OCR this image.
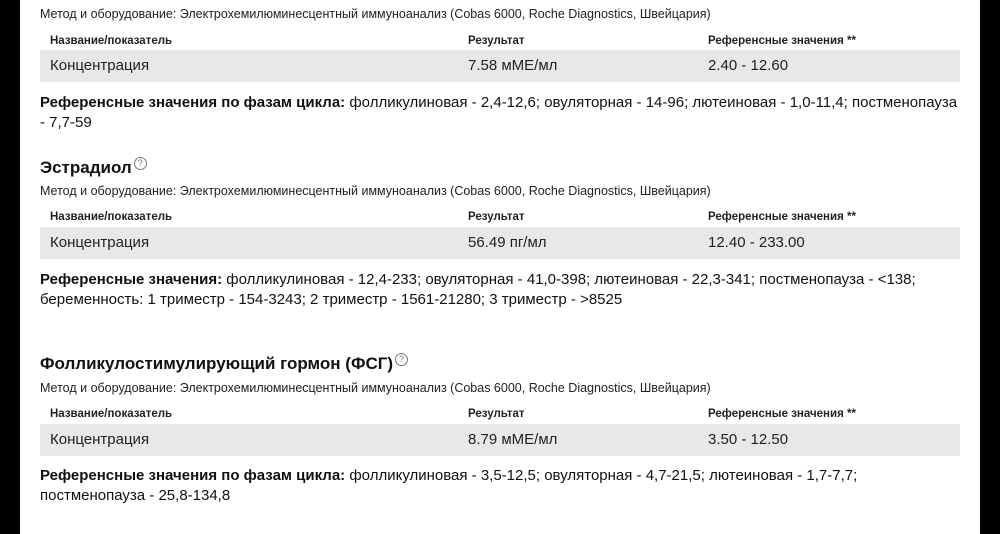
Метод и оборудование: Электрохемилюминесцентный иммуноанализ (Cobas 6000, Roche Diagnostics, Швейцария)
Название/показатель	Результат	Референсные значения **
Концентрация	7.58 мМЕ/мл	2.40 - 12.60
Референсные значения по фазам цикла: фолликулиновая - 2,4-12,6; овуляторная - 14-96; лютеиновая - 1,0-11,4; постменопауза - 7,7-59
Эстрадиол ?
Метод и оборудование: Электрохемилюминесцентный иммуноанализ (Cobas 6000, Roche Diagnostics, Швейцария)
Название/показатель	Результат	Референсные значения **
Концентрация	56.49 пг/мл	12.40 - 233.00
Референсные значения: фолликулиновая - 12,4-233; овуляторная - 41,0-398; лютеиновая - 22,3-341; постменопауза - <138; беременность: 1 триместр - 154-3243; 2 триместр - 1561-21280; 3 триместр - >8525
Фолликулостимулирующий гормон (ФСГ) ?
Метод и оборудование: Электрохемилюминесцентный иммуноанализ (Cobas 6000, Roche Diagnostics, Швейцария)
Название/показатель	Результат	Референсные значения **
Концентрация	8.79 мМЕ/мл	3.50 - 12.50
Референсные значения по фазам цикла: фолликулиновая - 3,5-12,5; овуляторная - 4,7-21,5; лютеиновая - 1,7-7,7; постменопауза - 25,8-134,8
